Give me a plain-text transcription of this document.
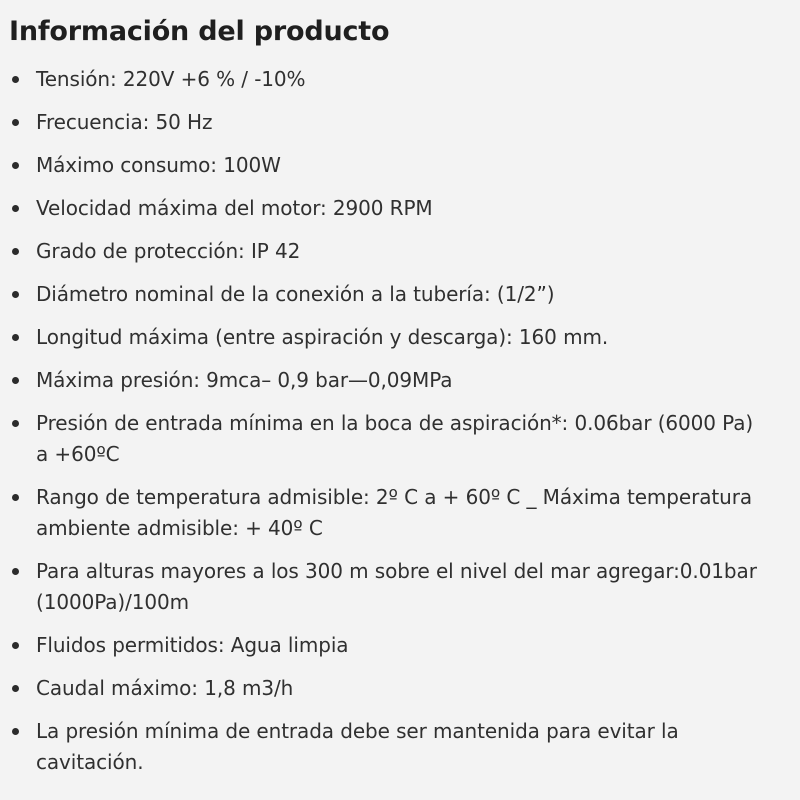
Información del producto
Tensión: 220V +6 % / -10%
Frecuencia: 50 Hz
Máximo consumo: 100W
Velocidad máxima del motor: 2900 RPM
Grado de protección: IP 42
Diámetro nominal de la conexión a la tubería: (1/2”)
Longitud máxima (entre aspiración y descarga): 160 mm.
Máxima presión: 9mca– 0,9 bar—0,09MPa
Presión de entrada mínima en la boca de aspiración*: 0.06bar (6000 Pa) a +60ºC
Rango de temperatura admisible: 2º C a + 60º C _ Máxima temperatura ambiente admisible: + 40º C
Para alturas mayores a los 300 m sobre el nivel del mar agregar:0.01bar (1000Pa)/100m
Fluidos permitidos: Agua limpia
Caudal máximo: 1,8 m3/h
La presión mínima de entrada debe ser mantenida para evitar la cavitación.
